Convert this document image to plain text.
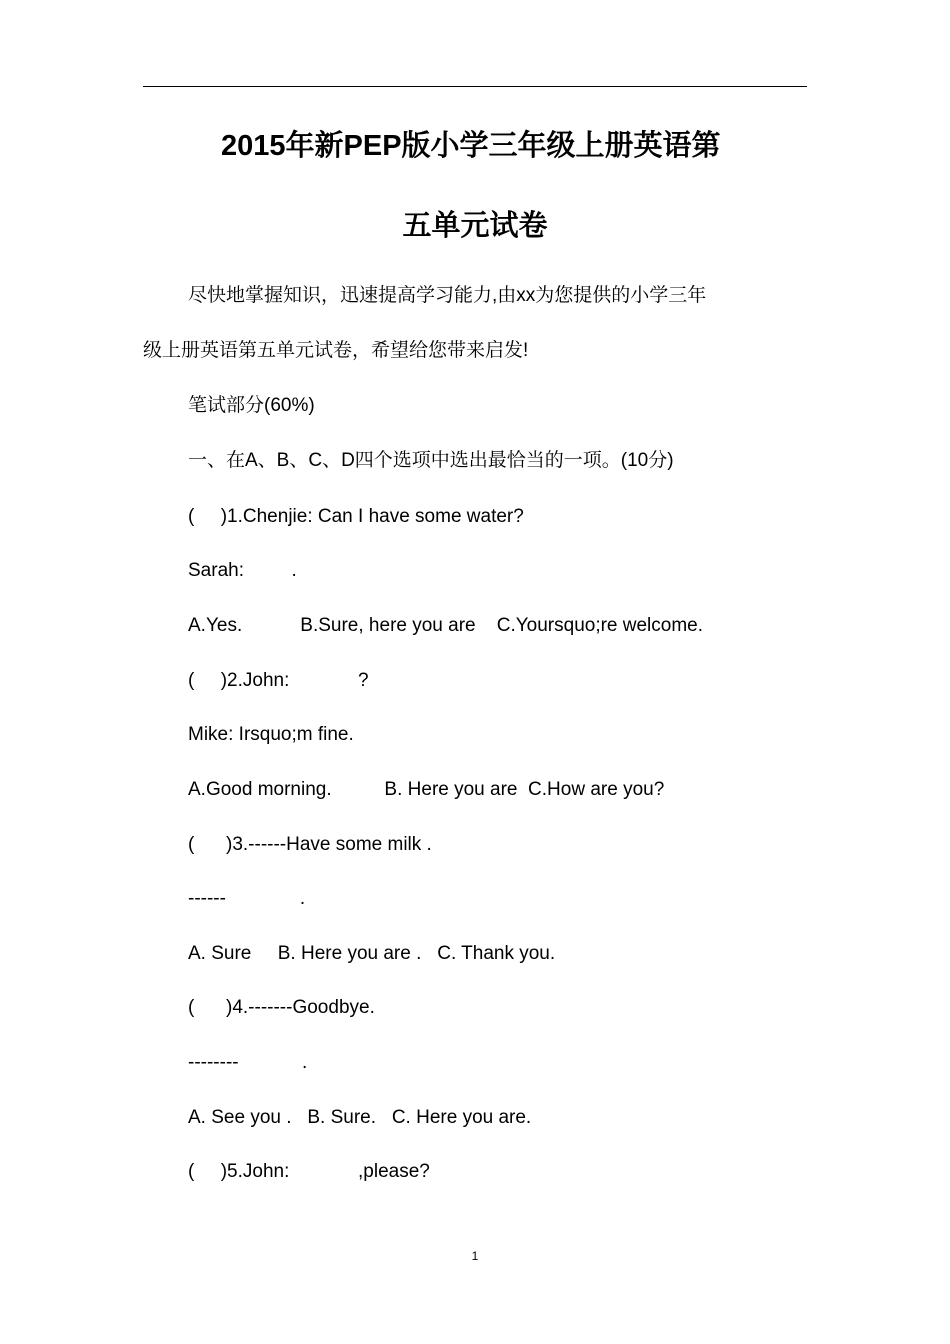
2015年新PEP版小学三年级上册英语第
五单元试卷
尽快地掌握知识，迅速提高学习能力,由xx为您提供的小学三年
级上册英语第五单元试卷，希望给您带来启发!
笔试部分(60%)
一、在A、B、C、D四个选项中选出最恰当的一项。(10分)
(     )1.Chenjie: Can I have some water?
Sarah:         .
A.Yes.           B.Sure, here you are    C.Yoursquo;re welcome.
(     )2.John:             ?
Mike: Irsquo;m fine.
A.Good morning.          B. Here you are  C.How are you?
(      )3.------Have some milk .
------              .
A. Sure     B. Here you are .   C. Thank you.
(      )4.-------Goodbye.
--------            .
A. See you .   B. Sure.   C. Here you are.
(     )5.John:             ,please?
1
